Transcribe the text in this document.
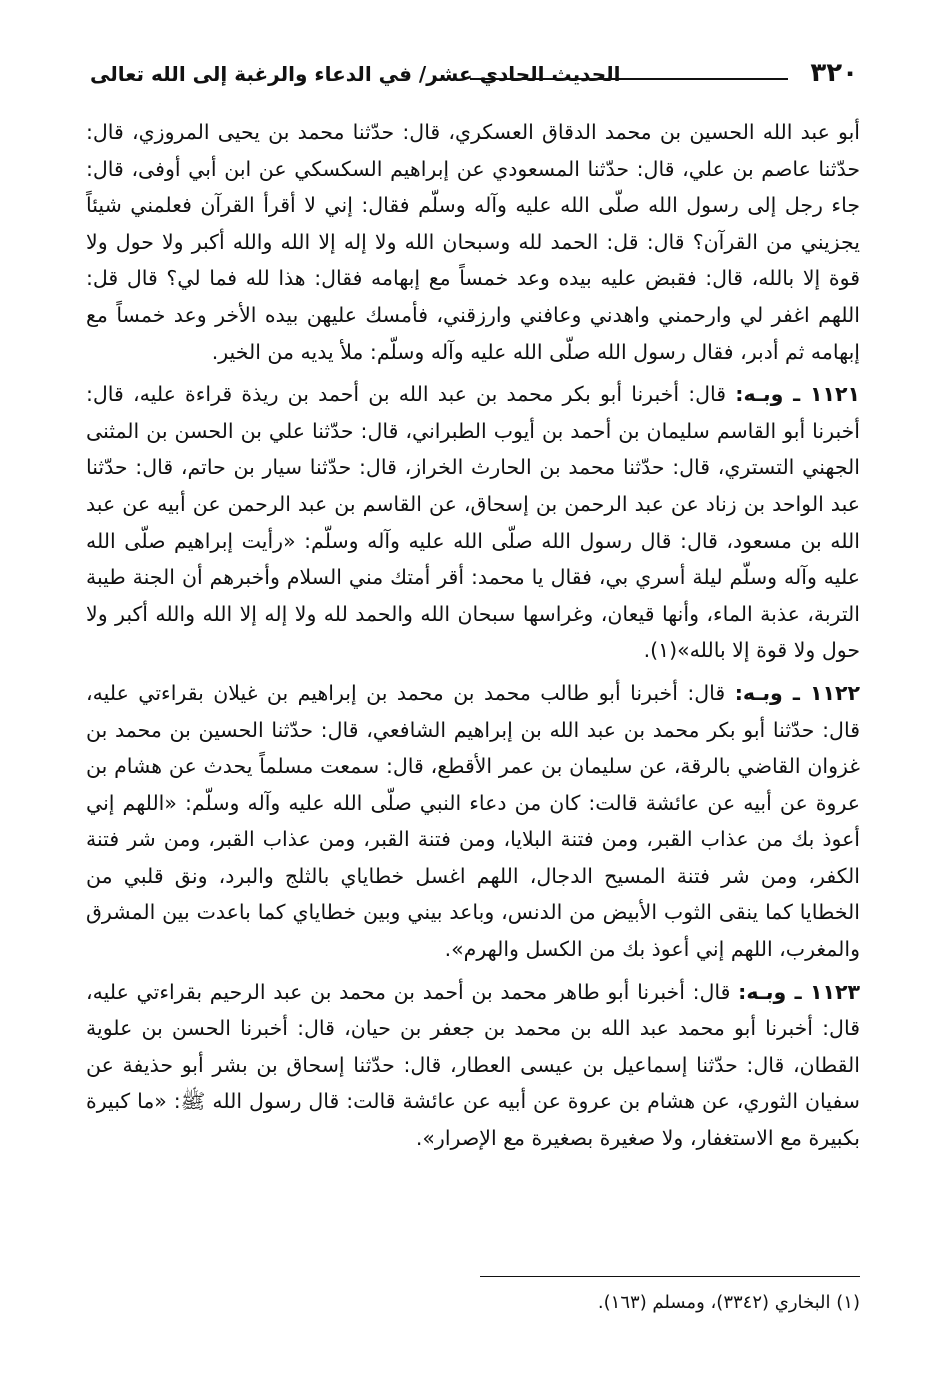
٣٢٠
الحديث الحادي عشر/ في الدعاء والرغبة إلى الله تعالى

أبو عبد الله الحسين بن محمد الدقاق العسكري، قال: حدّثنا محمد بن يحيى المروزي، قال: حدّثنا عاصم بن علي، قال: حدّثنا المسعودي عن إبراهيم السكسكي عن ابن أبي أوفى، قال: جاء رجل إلى رسول الله صلّى الله عليه وآله وسلّم فقال: إني لا أقرأ القرآن فعلمني شيئاً يجزيني من القرآن؟ قال: قل: الحمد لله وسبحان الله ولا إله إلا الله والله أكبر ولا حول ولا قوة إلا بالله، قال: فقبض عليه بيده وعد خمساً مع إبهامه فقال: هذا لله فما لي؟ قال قل: اللهم اغفر لي وارحمني واهدني وعافني وارزقني، فأمسك عليهن بيده الأخر وعد خمساً مع إبهامه ثم أدبر، فقال رسول الله صلّى الله عليه وآله وسلّم: ملأ يديه من الخير.

١١٢١ ـ وبـه: قال: أخبرنا أبو بكر محمد بن عبد الله بن أحمد بن ريذة قراءة عليه، قال: أخبرنا أبو القاسم سليمان بن أحمد بن أيوب الطبراني، قال: حدّثنا علي بن الحسن بن المثنى الجهني التستري، قال: حدّثنا محمد بن الحارث الخراز، قال: حدّثنا سيار بن حاتم، قال: حدّثنا عبد الواحد بن زناد عن عبد الرحمن بن إسحاق، عن القاسم بن عبد الرحمن عن أبيه عن عبد الله بن مسعود، قال: قال رسول الله صلّى الله عليه وآله وسلّم: «رأيت إبراهيم صلّى الله عليه وآله وسلّم ليلة أسري بي، فقال يا محمد: أقر أمتك مني السلام وأخبرهم أن الجنة طيبة التربة، عذبة الماء، وأنها قيعان، وغراسها سبحان الله والحمد لله ولا إله إلا الله والله أكبر ولا حول ولا قوة إلا بالله»(١).

١١٢٢ ـ وبـه: قال: أخبرنا أبو طالب محمد بن محمد بن إبراهيم بن غيلان بقراءتي عليه، قال: حدّثنا أبو بكر محمد بن عبد الله بن إبراهيم الشافعي، قال: حدّثنا الحسين بن محمد بن غزوان القاضي بالرقة، عن سليمان بن عمر الأقطع، قال: سمعت مسلماً يحدث عن هشام بن عروة عن أبيه عن عائشة قالت: كان من دعاء النبي صلّى الله عليه وآله وسلّم: «اللهم إني أعوذ بك من عذاب القبر، ومن فتنة البلايا، ومن فتنة القبر، ومن عذاب القبر، ومن شر فتنة الكفر، ومن شر فتنة المسيح الدجال، اللهم اغسل خطاياي بالثلج والبرد، ونق قلبي من الخطايا كما ينقى الثوب الأبيض من الدنس، وباعد بيني وبين خطاياي كما باعدت بين المشرق والمغرب، اللهم إني أعوذ بك من الكسل والهرم».

١١٢٣ ـ وبـه: قال: أخبرنا أبو طاهر محمد بن أحمد بن محمد بن عبد الرحيم بقراءتي عليه، قال: أخبرنا أبو محمد عبد الله بن محمد بن جعفر بن حيان، قال: أخبرنا الحسن بن علوية القطان، قال: حدّثنا إسماعيل بن عيسى العطار، قال: حدّثنا إسحاق بن بشر أبو حذيفة عن سفيان الثوري، عن هشام بن عروة عن أبيه عن عائشة قالت: قال رسول الله ﷺ: «ما كبيرة بكبيرة مع الاستغفار، ولا صغيرة بصغيرة مع الإصرار».

(١) البخاري (٣٣٤٢)، ومسلم (١٦٣).
